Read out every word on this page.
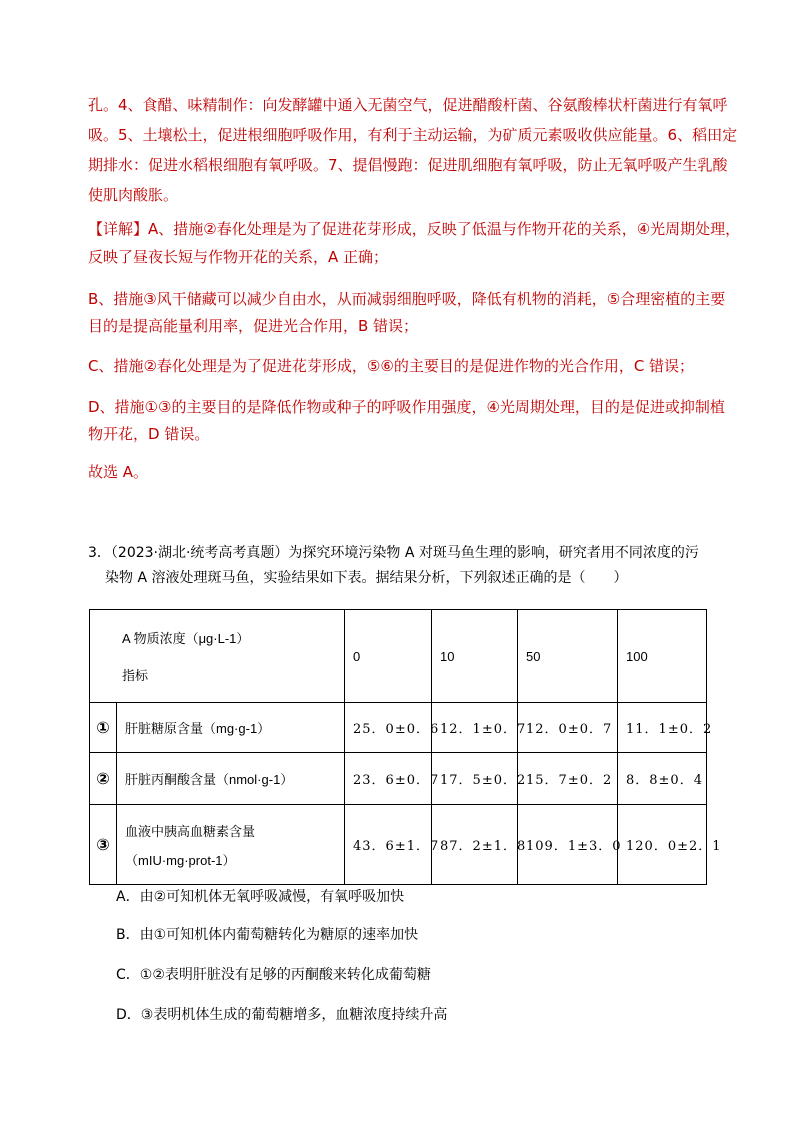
孔。4、食醋、味精制作：向发酵罐中通入无菌空气，促进醋酸杆菌、谷氨酸棒状杆菌进行有氧呼
吸。5、土壤松土，促进根细胞呼吸作用，有利于主动运输，为矿质元素吸收供应能量。6、稻田定
期排水：促进水稻根细胞有氧呼吸。7、提倡慢跑：促进肌细胞有氧呼吸，防止无氧呼吸产生乳酸
使肌肉酸胀。
【详解】A、措施②春化处理是为了促进花芽形成，反映了低温与作物开花的关系，④光周期处理，
反映了昼夜长短与作物开花的关系，A 正确；
B、措施③风干储藏可以减少自由水，从而减弱细胞呼吸，降低有机物的消耗，⑤合理密植的主要
目的是提高能量利用率，促进光合作用，B 错误；
C、措施②春化处理是为了促进花芽形成，⑤⑥的主要目的是促进作物的光合作用，C 错误；
D、措施①③的主要目的是降低作物或种子的呼吸作用强度，④光周期处理，目的是促进或抑制植
物开花，D 错误。
故选 A。
3．（2023·湖北·统考高考真题）为探究环境污染物 A 对斑马鱼生理的影响，研究者用不同浓度的污
染物 A 溶液处理斑马鱼，实验结果如下表。据结果分析，下列叙述正确的是（　　）
A 物质浓度（μg·L-1）
指标		0	10	50	100
①	肝脏糖原含量（mg·g-1）	25．0±0．6	12．1±0．7	12．0±0．7	11．1±0．2
②	肝脏丙酮酸含量（nmol·g-1）	23．6±0．7	17．5±0．2	15．7±0．2	8．8±0．4
③	血液中胰高血糖素含量
（mIU·mg·prot-1）	43．6±1．7	87．2±1．8	109．1±3．0	120．0±2．1
A．由②可知机体无氧呼吸减慢，有氧呼吸加快
B．由①可知机体内葡萄糖转化为糖原的速率加快
C．①②表明肝脏没有足够的丙酮酸来转化成葡萄糖
D．③表明机体生成的葡萄糖增多，血糖浓度持续升高
